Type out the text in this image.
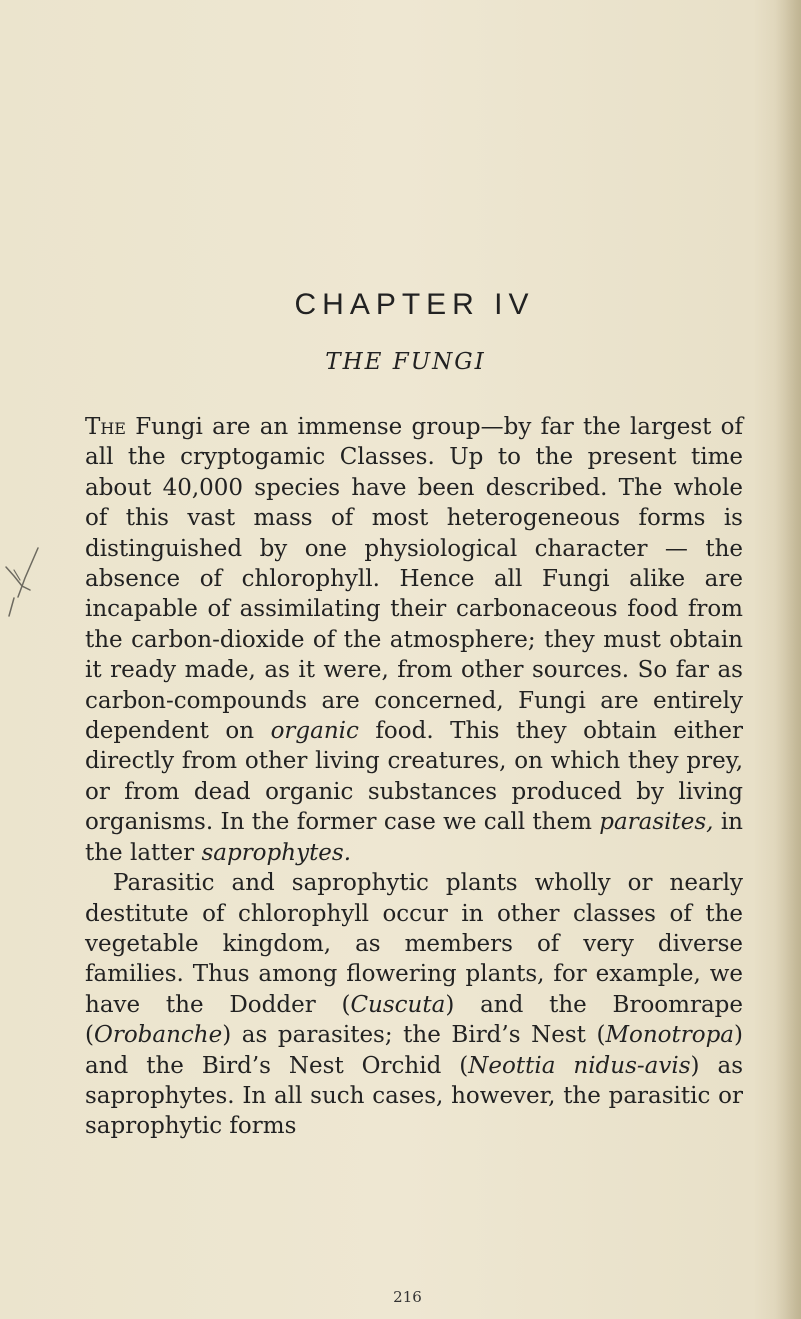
CHAPTER IV
THE FUNGI

The Fungi are an immense group—by far the largest of all the cryptogamic Classes. Up to the present time about 40,000 species have been described. The whole of this vast mass of most heterogeneous forms is distinguished by one physiological character — the absence of chlorophyll. Hence all Fungi alike are incapable of assimilating their carbonaceous food from the carbon-dioxide of the atmosphere; they must obtain it ready made, as it were, from other sources. So far as carbon-compounds are concerned, Fungi are entirely dependent on organic food. This they obtain either directly from other living creatures, on which they prey, or from dead organic substances produced by living organisms. In the former case we call them parasites, in the latter saprophytes.

Parasitic and saprophytic plants wholly or nearly destitute of chlorophyll occur in other classes of the vegetable kingdom, as members of very diverse families. Thus among flowering plants, for example, we have the Dodder (Cuscuta) and the Broomrape (Orobanche) as parasites; the Bird’s Nest (Monotropa) and the Bird’s Nest Orchid (Neottia nidus-avis) as saprophytes. In all such cases, however, the parasitic or saprophytic forms

216
